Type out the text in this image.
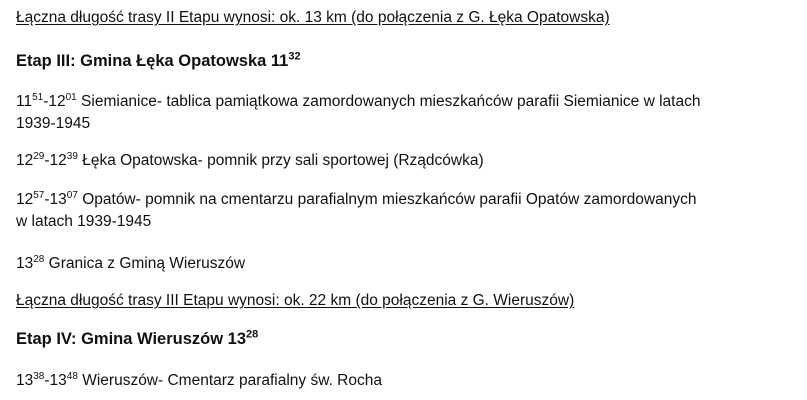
Łączna długość trasy II Etapu wynosi: ok. 13 km (do połączenia z G. Łęka Opatowska)
Etap III: Gmina Łęka Opatowska $11^{32}$
$11^{51}-12^{01}$ Siemianice- tablica pamiątkowa zamordowanych mieszkańców parafii Siemianice w latach
1939-1945
$12^{29}-12^{39}$ Łęka Opatowska- pomnik przy sali sportowej (Rządcówka)
$12^{57}-13^{07}$ Opatów- pomnik na cmentarzu parafialnym mieszkańców parafii Opatów zamordowanych
w latach 1939-1945
$13^{28}$ Granica z Gminą Wieruszów
Łączna długość trasy III Etapu wynosi: ok. 22 km (do połączenia z G. Wieruszów)
Etap IV: Gmina Wieruszów $13^{28}$
$13^{38}-13^{48}$ Wieruszów- Cmentarz parafialny św. Rocha
